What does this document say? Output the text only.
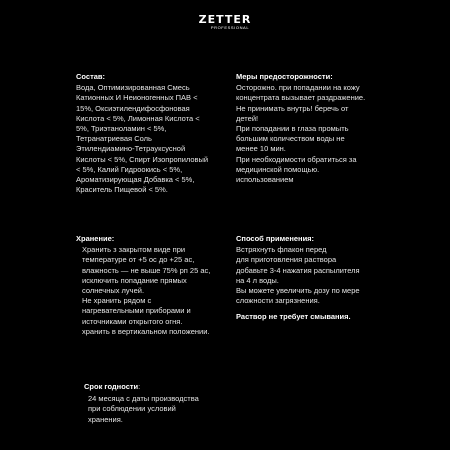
ZETTER
PROFESSIONAL
Состав:
Вода, Оптимизированная Смесь
Катионных И Неионогенных ПАВ <
15%, Оксиэтилендифосфоновая
Кислота < 5%, Лимонная Кислота <
5%, Триэтаноламин < 5%,
Тетранатриевая Соль
Этилендиамино-Тетрауксусной
Кислоты < 5%, Спирт Изопропиловый
< 5%, Калий Гидроокись < 5%,
Ароматизирующая Добавка < 5%,
Краситель Пищевой < 5%.
Меры предосторожности:
Осторожно. при попадании на кожу
концентрата вызывает раздражение.
Не принимать внутрь! беречь от
детей!
При попадании в глаза промыть
большим количеством воды не
менее 10 мин.
При необходимости обратиться за
медицинской помощью.
использованием
Хранение:
Хранить з закрытом виде при
температуре от +5 ос до +25 ас,
влажность — не выше 75% pп 25 ас,
исключить попадание прямых
солнечных лучей.
Не хранить рядом с
нагревательными приборами и
источниками открытого огня.
хранить в вертикальном положении.
Способ применения:
Встряхнуть флакон перед
для приготовления раствора
добавьте 3-4 нажатия распылителя
на 4 л воды.
Вы можете увеличить дозу по мере
сложности загрязнения.
Раствор не требует смывания.
Срок годности:
24 месяца с даты производства
при соблюдении условий
хранения.
